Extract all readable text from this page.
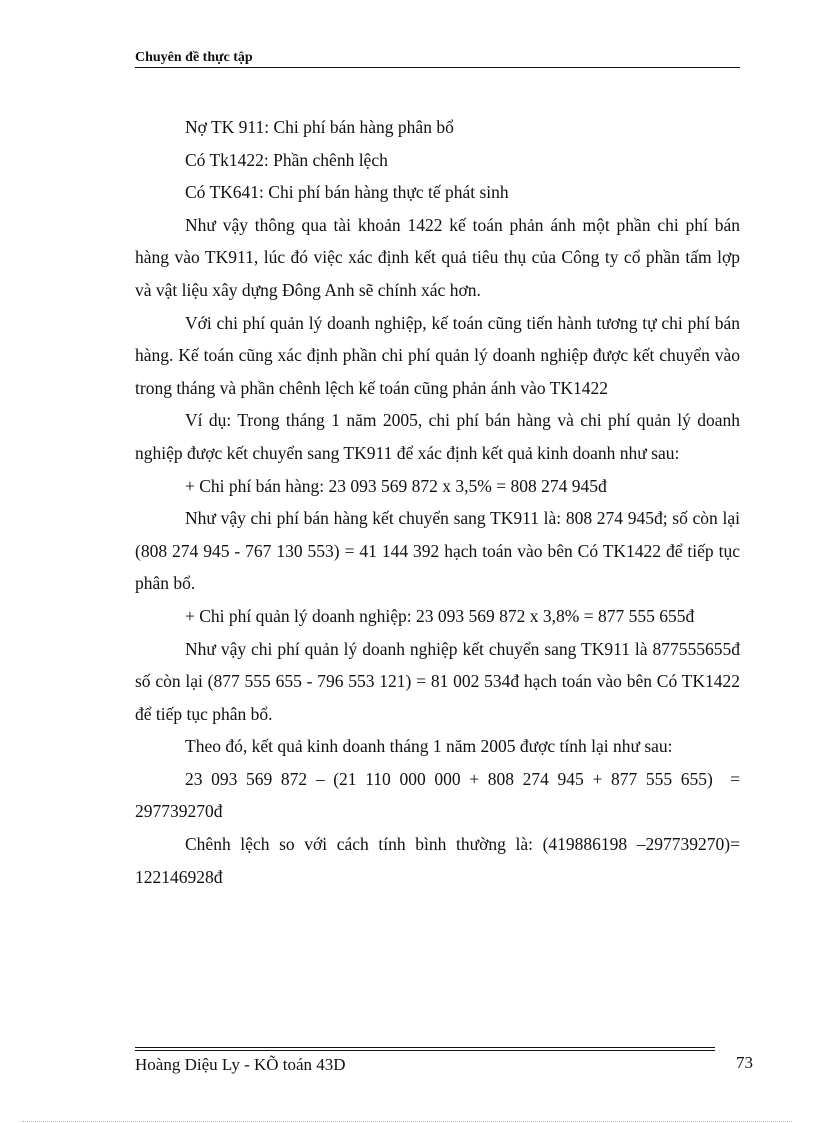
Chuyên đề thực tập

Nợ TK 911: Chi phí bán hàng phân bổ

Có Tk1422: Phần chênh lệch

Có TK641: Chi phí bán hàng thực tế phát sinh

Như vậy thông qua tài khoản 1422 kế toán phản ánh một phần chi phí bán hàng vào TK911, lúc đó việc xác định kết quả tiêu thụ của Công ty cổ phần tấm lợp và vật liệu xây dựng Đông Anh sẽ chính xác hơn.

Với chi phí quản lý doanh nghiệp, kế toán cũng tiến hành tương tự chi phí bán hàng. Kế toán cũng xác định phần chi phí quản lý doanh nghiệp được kết chuyển vào trong tháng và phần chênh lệch kế toán cũng phản ánh vào TK1422

Ví dụ: Trong tháng 1 năm 2005, chi phí bán hàng và chi phí quản lý doanh nghiệp được kết chuyển sang TK911 để xác định kết quả kinh doanh như sau:

+ Chi phí bán hàng: 23 093 569 872 x 3,5% = 808 274 945đ

Như vậy chi phí bán hàng kết chuyển sang TK911 là: 808 274 945đ; số còn lại (808 274 945 - 767 130 553) = 41 144 392 hạch toán vào bên Có TK1422 để tiếp tục phân bổ.

+ Chi phí quản lý doanh nghiệp: 23 093 569 872 x 3,8% = 877 555 655đ

Như vậy chi phí quản lý doanh nghiệp kết chuyển sang TK911 là 877555655đ    số còn lại (877 555 655 - 796 553 121) = 81 002 534đ hạch toán vào bên Có TK1422 để tiếp tục phân bổ.

Theo đó, kết quả kinh doanh tháng 1 năm 2005 được tính lại như sau:

23 093 569 872 – (21 110 000 000 + 808 274 945 + 877 555 655)  = 297739270đ

Chênh lệch so với cách tính bình thường là: (419886198 –297739270)= 122146928đ

Hoàng Diệu Ly - KÕ toán 43D	73
